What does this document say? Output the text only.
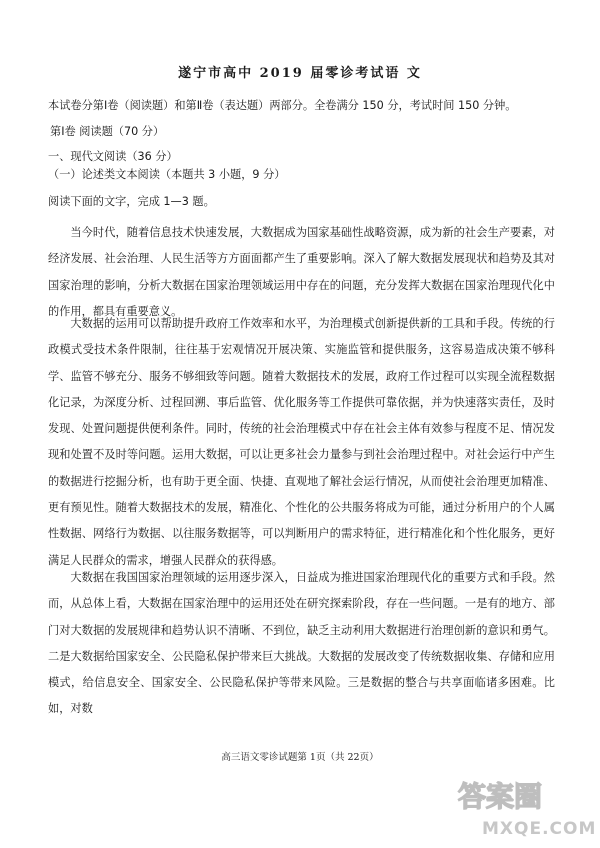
遂宁市高中 2019 届零诊考试语 文
本试卷分第Ⅰ卷（阅读题）和第Ⅱ卷（表达题）两部分。全卷满分 150 分，考试时间 150 分钟。
第Ⅰ卷 阅读题（70 分）
一、现代文阅读（36 分）
（一）论述类文本阅读（本题共 3 小题，9 分）
阅读下面的文字，完成 1—3 题。

当今时代，随着信息技术快速发展，大数据成为国家基础性战略资源，成为新的社会生产要素，对经济发展、社会治理、人民生活等方方面面都产生了重要影响。深入了解大数据发展现状和趋势及其对国家治理的影响，分析大数据在国家治理领域运用中存在的问题，充分发挥大数据在国家治理现代化中的作用，都具有重要意义。

大数据的运用可以帮助提升政府工作效率和水平，为治理模式创新提供新的工具和手段。传统的行政模式受技术条件限制，往往基于宏观情况开展决策、实施监管和提供服务，这容易造成决策不够科学、监管不够充分、服务不够细致等问题。随着大数据技术的发展，政府工作过程可以实现全流程数据化记录，为深度分析、过程回溯、事后监管、优化服务等工作提供可靠依据，并为快速落实责任，及时发现、处置问题提供便利条件。同时，传统的社会治理模式中存在社会主体有效参与程度不足、情况发现和处置不及时等问题。运用大数据，可以让更多社会力量参与到社会治理过程中。对社会运行中产生的数据进行挖掘分析，也有助于更全面、快捷、直观地了解社会运行情况，从而使社会治理更加精准、更有预见性。随着大数据技术的发展，精准化、个性化的公共服务将成为可能，通过分析用户的个人属性数据、网络行为数据、以往服务数据等，可以判断用户的需求特征，进行精准化和个性化服务，更好满足人民群众的需求，增强人民群众的获得感。

大数据在我国国家治理领域的运用逐步深入，日益成为推进国家治理现代化的重要方式和手段。然而，从总体上看，大数据在国家治理中的运用还处在研究探索阶段，存在一些问题。一是有的地方、部门对大数据的发展规律和趋势认识不清晰、不到位，缺乏主动利用大数据进行治理创新的意识和勇气。二是大数据给国家安全、公民隐私保护带来巨大挑战。大数据的发展改变了传统数据收集、存储和应用模式，给信息安全、国家安全、公民隐私保护等带来风险。三是数据的整合与共享面临诸多困难。比如，对数

高三语文零诊试题第 1页（共 22页）
答案圈
MXQE.COM
